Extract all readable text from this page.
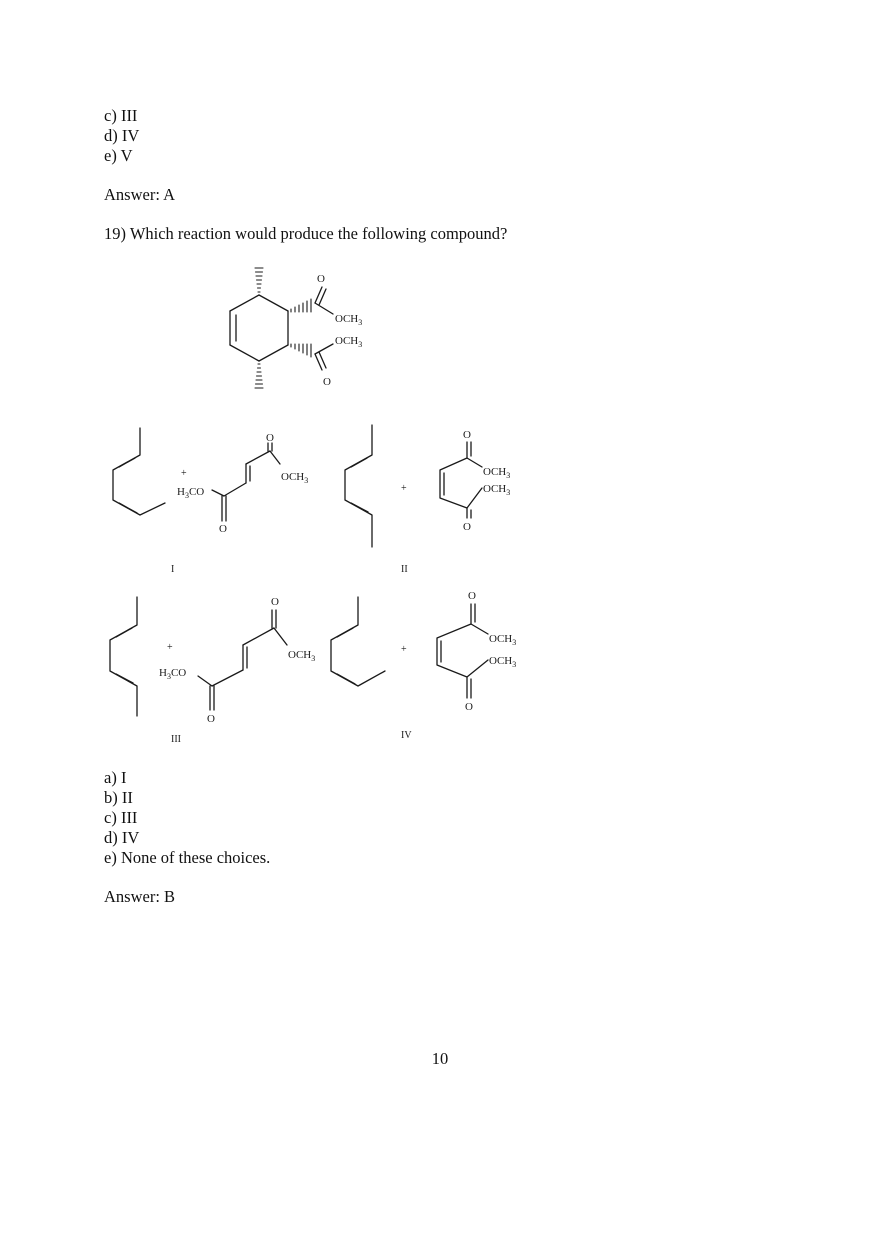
c) III
d) IV
e) V
Answer: A
19) Which reaction would produce the following compound?
O
$OCH_3$
$OCH_3$
O
+
$H_3CO$
O
$OCH_3$
O
I
+
O
$OCH_3$
$OCH_3$
O
II
+
$H_3CO$
O
$OCH_3$
O
III
+
O
$OCH_3$
$OCH_3$
O
IV
a) I
b) II
c) III
d) IV
e) None of these choices.
Answer: B
10
